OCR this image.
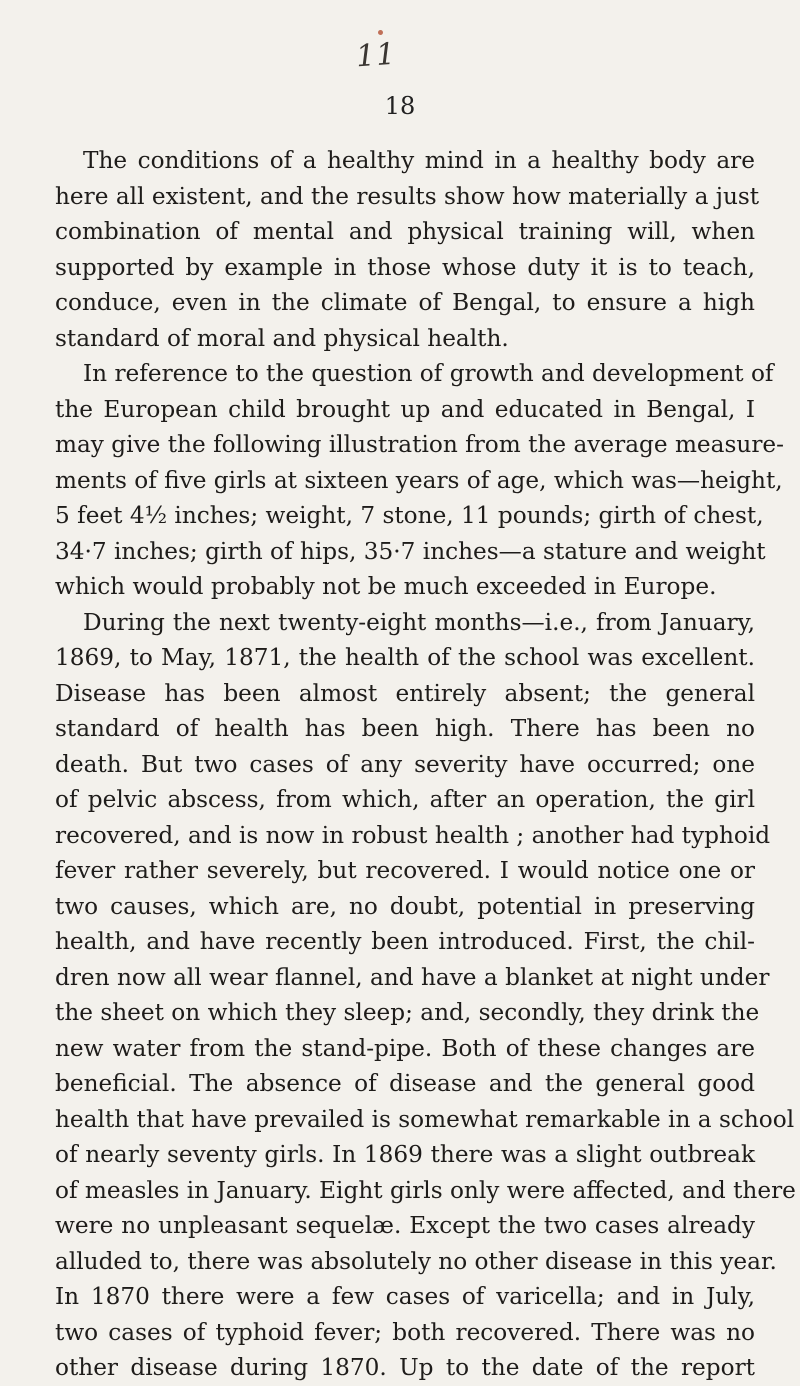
11
18
The conditions of a healthy mind in a healthy body are
here all existent, and the results show how materially a just
combination of mental and physical training will, when
supported by example in those whose duty it is to teach,
conduce, even in the climate of Bengal, to ensure a high
standard of moral and physical health.
In reference to the question of growth and development of
the European child brought up and educated in Bengal, I
may give the following illustration from the average measure-
ments of five girls at sixteen years of age, which was—height,
5 feet 4½ inches; weight, 7 stone, 11 pounds; girth of chest,
34·7 inches; girth of hips, 35·7 inches—a stature and weight
which would probably not be much exceeded in Europe.
During the next twenty-eight months—i.e., from January,
1869, to May, 1871, the health of the school was excellent.
Disease has been almost entirely absent; the general
standard of health has been high. There has been no
death. But two cases of any severity have occurred; one
of pelvic abscess, from which, after an operation, the girl
recovered, and is now in robust health ; another had typhoid
fever rather severely, but recovered. I would notice one or
two causes, which are, no doubt, potential in preserving
health, and have recently been introduced. First, the chil-
dren now all wear flannel, and have a blanket at night under
the sheet on which they sleep; and, secondly, they drink the
new water from the stand-pipe. Both of these changes are
beneficial. The absence of disease and the general good
health that have prevailed is somewhat remarkable in a school
of nearly seventy girls. In 1869 there was a slight outbreak
of measles in January. Eight girls only were affected, and there
were no unpleasant sequelæ. Except the two cases already
alluded to, there was absolutely no other disease in this year.
In 1870 there were a few cases of varicella; and in July,
two cases of typhoid fever; both recovered. There was no
other disease during 1870. Up to the date of the report
